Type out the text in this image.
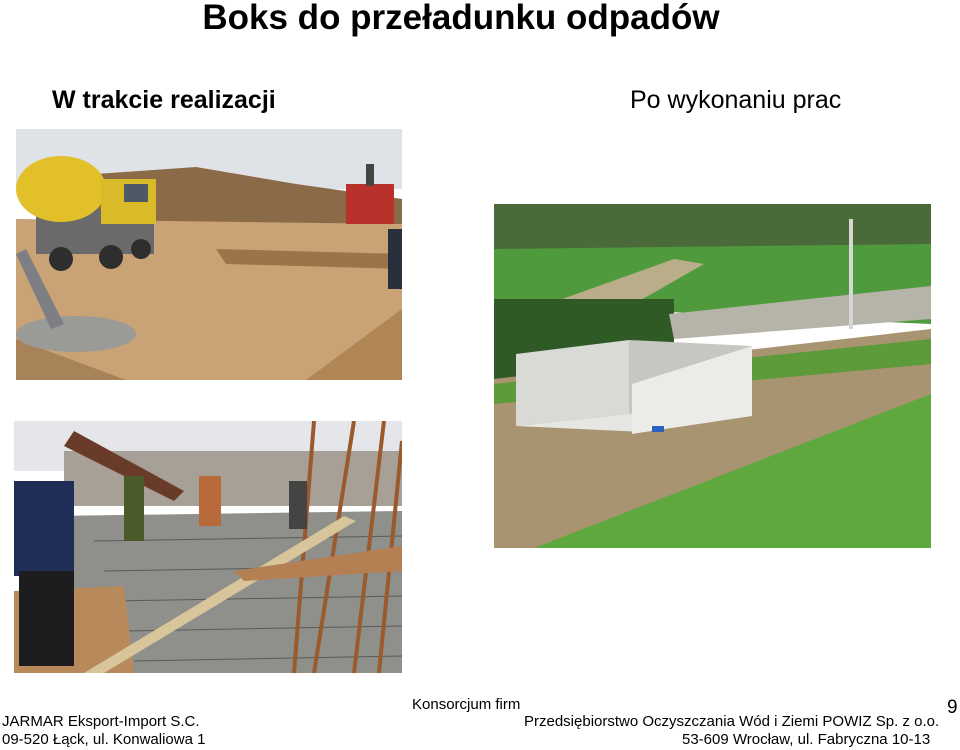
Boks do przeładunku odpadów
W trakcie realizacji	Po wykonaniu prac
Konsorcjum firm
JARMAR Eksport-Import S.C.
09-520 Łąck, ul. Konwaliowa 1
Przedsiębiorstwo Oczyszczania Wód i Ziemi POWIZ Sp. z o.o.
53-609 Wrocław, ul. Fabryczna 10-13
9
